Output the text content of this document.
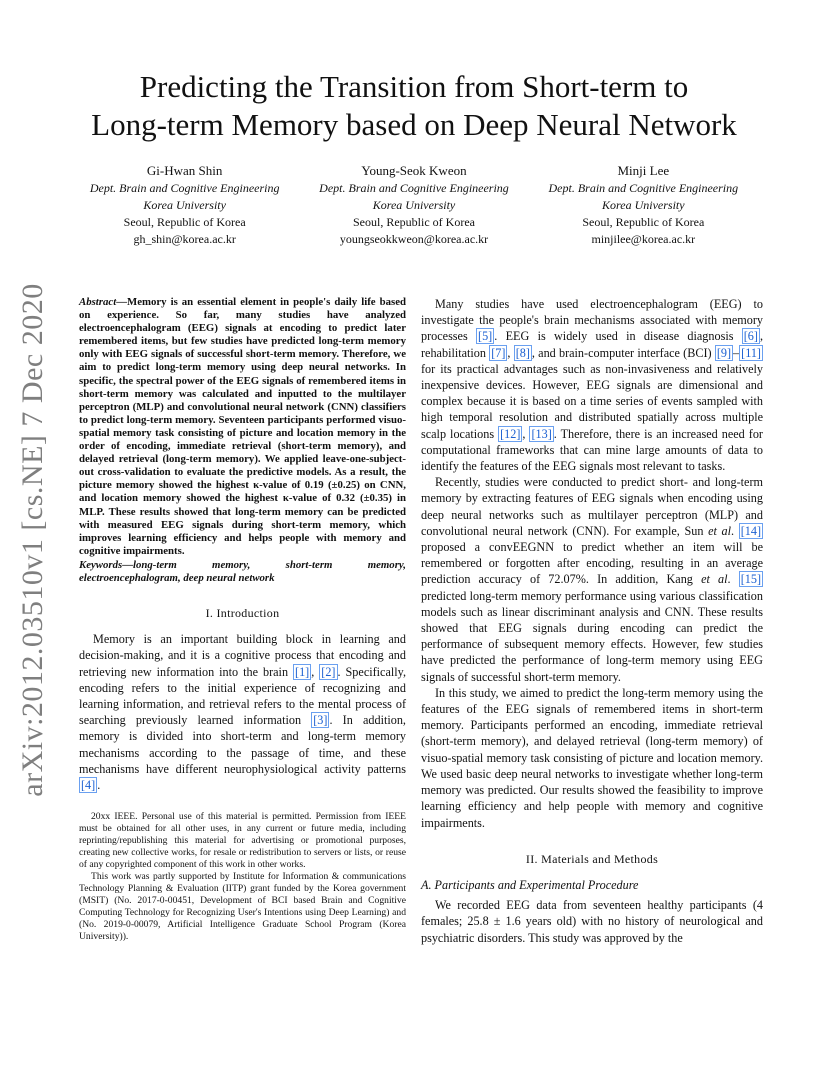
arXiv:2012.03510v1 [cs.NE] 7 Dec 2020
Predicting the Transition from Short-term to
Long-term Memory based on Deep Neural Network
Gi-Hwan Shin
Dept. Brain and Cognitive Engineering
Korea University
Seoul, Republic of Korea
gh_shin@korea.ac.kr
Young-Seok Kweon
Dept. Brain and Cognitive Engineering
Korea University
Seoul, Republic of Korea
youngseokkweon@korea.ac.kr
Minji Lee
Dept. Brain and Cognitive Engineering
Korea University
Seoul, Republic of Korea
minjilee@korea.ac.kr
Abstract—Memory is an essential element in people's daily life based on experience. So far, many studies have analyzed electroencephalogram (EEG) signals at encoding to predict later remembered items, but few studies have predicted long-term memory only with EEG signals of successful short-term memory. Therefore, we aim to predict long-term memory using deep neural networks. In specific, the spectral power of the EEG signals of remembered items in short-term memory was calculated and inputted to the multilayer perceptron (MLP) and convolutional neural network (CNN) classifiers to predict long-term memory. Seventeen participants performed visuo-spatial memory task consisting of picture and location memory in the order of encoding, immediate retrieval (short-term memory), and delayed retrieval (long-term memory). We applied leave-one-subject-out cross-validation to evaluate the predictive models. As a result, the picture memory showed the highest κ-value of 0.19 (±0.25) on CNN, and location memory showed the highest κ-value of 0.32 (±0.35) in MLP. These results showed that long-term memory can be predicted with measured EEG signals during short-term memory, which improves learning efficiency and helps people with memory and cognitive impairments.
Keywords—long-term memory, short-term memory, electroencephalogram, deep neural network
I. Introduction

Memory is an important building block in learning and decision-making, and it is a cognitive process that encoding and retrieving new information into the brain [1] , [2] . Specifically, encoding refers to the initial experience of recognizing and learning information, and retrieval refers to the mental process of searching previously learned information [3] . In addition, memory is divided into short-term and long-term memory mechanisms according to the passage of time, and these mechanisms have different neurophysiological activity patterns [4] .

20xx IEEE. Personal use of this material is permitted. Permission from IEEE must be obtained for all other uses, in any current or future media, including reprinting/republishing this material for advertising or promotional purposes, creating new collective works, for resale or redistribution to servers or lists, or reuse of any copyrighted component of this work in other works.
This work was partly supported by Institute for Information & communications Technology Planning & Evaluation (IITP) grant funded by the Korea government (MSIT) (No. 2017-0-00451, Development of BCI based Brain and Cognitive Computing Technology for Recognizing User's Intentions using Deep Learning) and (No. 2019-0-00079, Artificial Intelligence Graduate School Program (Korea University)).

Many studies have used electroencephalogram (EEG) to investigate the people's brain mechanisms associated with memory processes [5] . EEG is widely used in disease diagnosis [6] , rehabilitation [7] , [8] , and brain-computer interface (BCI) [9] – [11] for its practical advantages such as non-invasiveness and relatively inexpensive devices. However, EEG signals are dimensional and complex because it is based on a time series of events sampled with high temporal resolution and distributed spatially across multiple scalp locations [12] , [13] . Therefore, there is an increased need for computational frameworks that can mine large amounts of data to identify the features of the EEG signals most relevant to tasks.

Recently, studies were conducted to predict short- and long-term memory by extracting features of EEG signals when encoding using deep neural networks such as multilayer perceptron (MLP) and convolutional neural network (CNN). For example, Sun et al. [14] proposed a convEEGNN to predict whether an item will be remembered or forgotten after encoding, resulting in an average prediction accuracy of 72.07%. In addition, Kang et al. [15] predicted long-term memory performance using various classification models such as linear discriminant analysis and CNN. These results showed that EEG signals during encoding can predict the performance of subsequent memory effects. However, few studies have predicted the performance of long-term memory using EEG signals of successful short-term memory.

In this study, we aimed to predict the long-term memory using the features of the EEG signals of remembered items in short-term memory. Participants performed an encoding, immediate retrieval (short-term memory), and delayed retrieval (long-term memory) of visuo-spatial memory task consisting of picture and location memory. We used basic deep neural networks to investigate whether long-term memory was predicted. Our results showed the feasibility to improve learning efficiency and help people with memory and cognitive impairments.

II. Materials and Methods
A. Participants and Experimental Procedure

We recorded EEG data from seventeen healthy participants (4 females; 25.8 ± 1.6 years old) with no history of neurological and psychiatric disorders. This study was approved by the
